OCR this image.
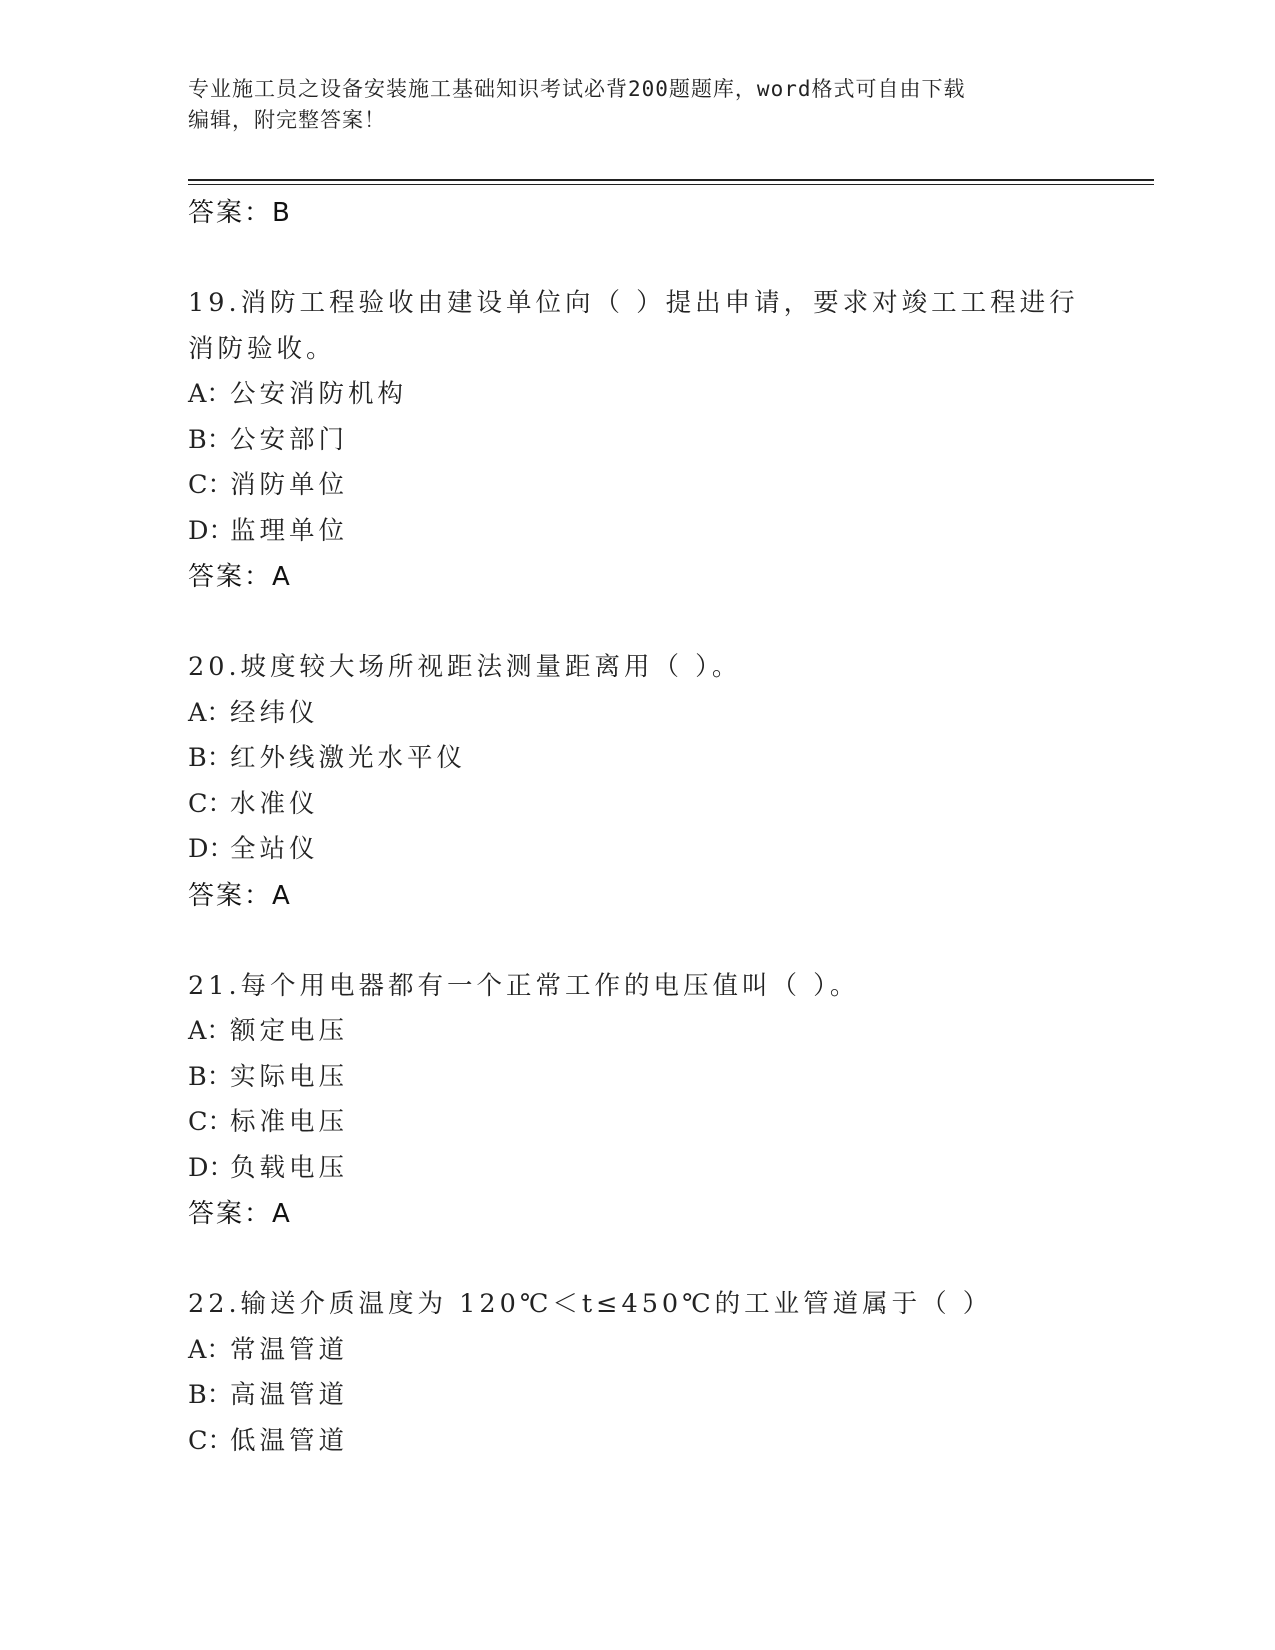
专业施工员之设备安装施工基础知识考试必背200题题库，word格式可自由下载
编辑，附完整答案！
答案：B
19.消防工程验收由建设单位向（ ）提出申请，要求对竣工工程进行
消防验收。
A：公安消防机构
B：公安部门
C：消防单位
D：监理单位
答案：A
20.坡度较大场所视距法测量距离用（ ）。
A：经纬仪
B：红外线激光水平仪
C：水准仪
D：全站仪
答案：A
21.每个用电器都有一个正常工作的电压值叫（ ）。
A：额定电压
B：实际电压
C：标准电压
D：负载电压
答案：A
22.输送介质温度为 120℃＜t≤450℃的工业管道属于（ ）
A：常温管道
B：高温管道
C：低温管道
